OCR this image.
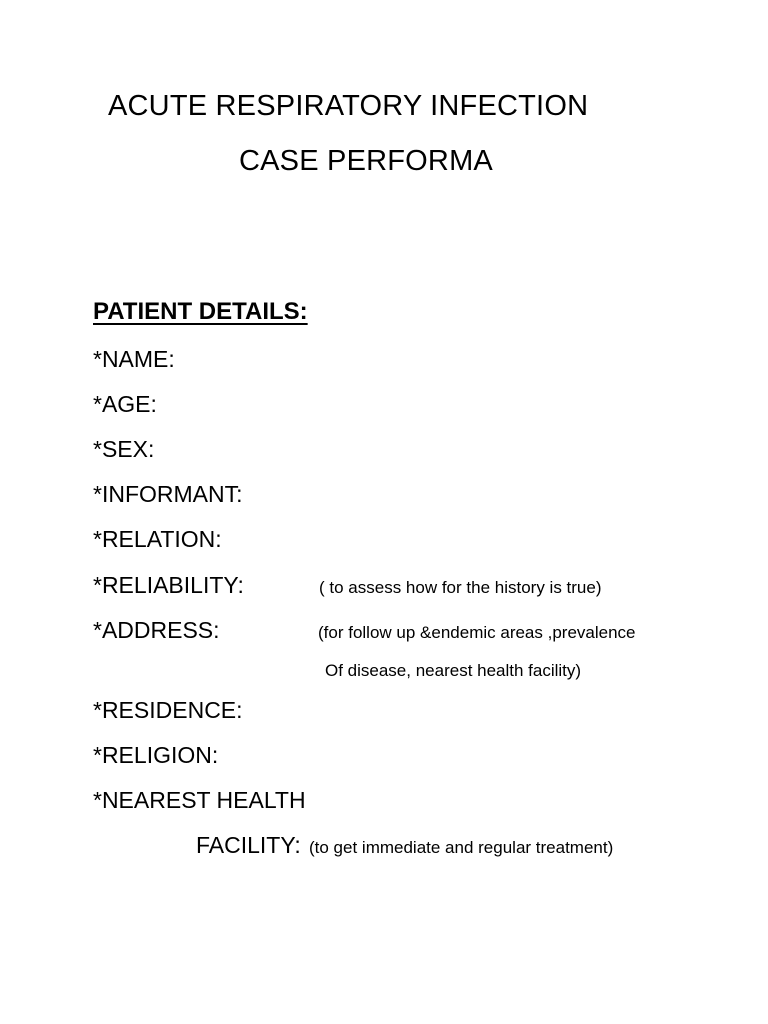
ACUTE RESPIRATORY INFECTION
CASE PERFORMA
PATIENT DETAILS:
*NAME:
*AGE:
*SEX:
*INFORMANT:
*RELATION:
*RELIABILITY:	( to assess how for the history is true)
*ADDRESS:	(for follow up &endemic areas ,prevalence
Of disease, nearest health facility)
*RESIDENCE:
*RELIGION:
*NEAREST HEALTH
FACILITY: (to get immediate and regular treatment)
